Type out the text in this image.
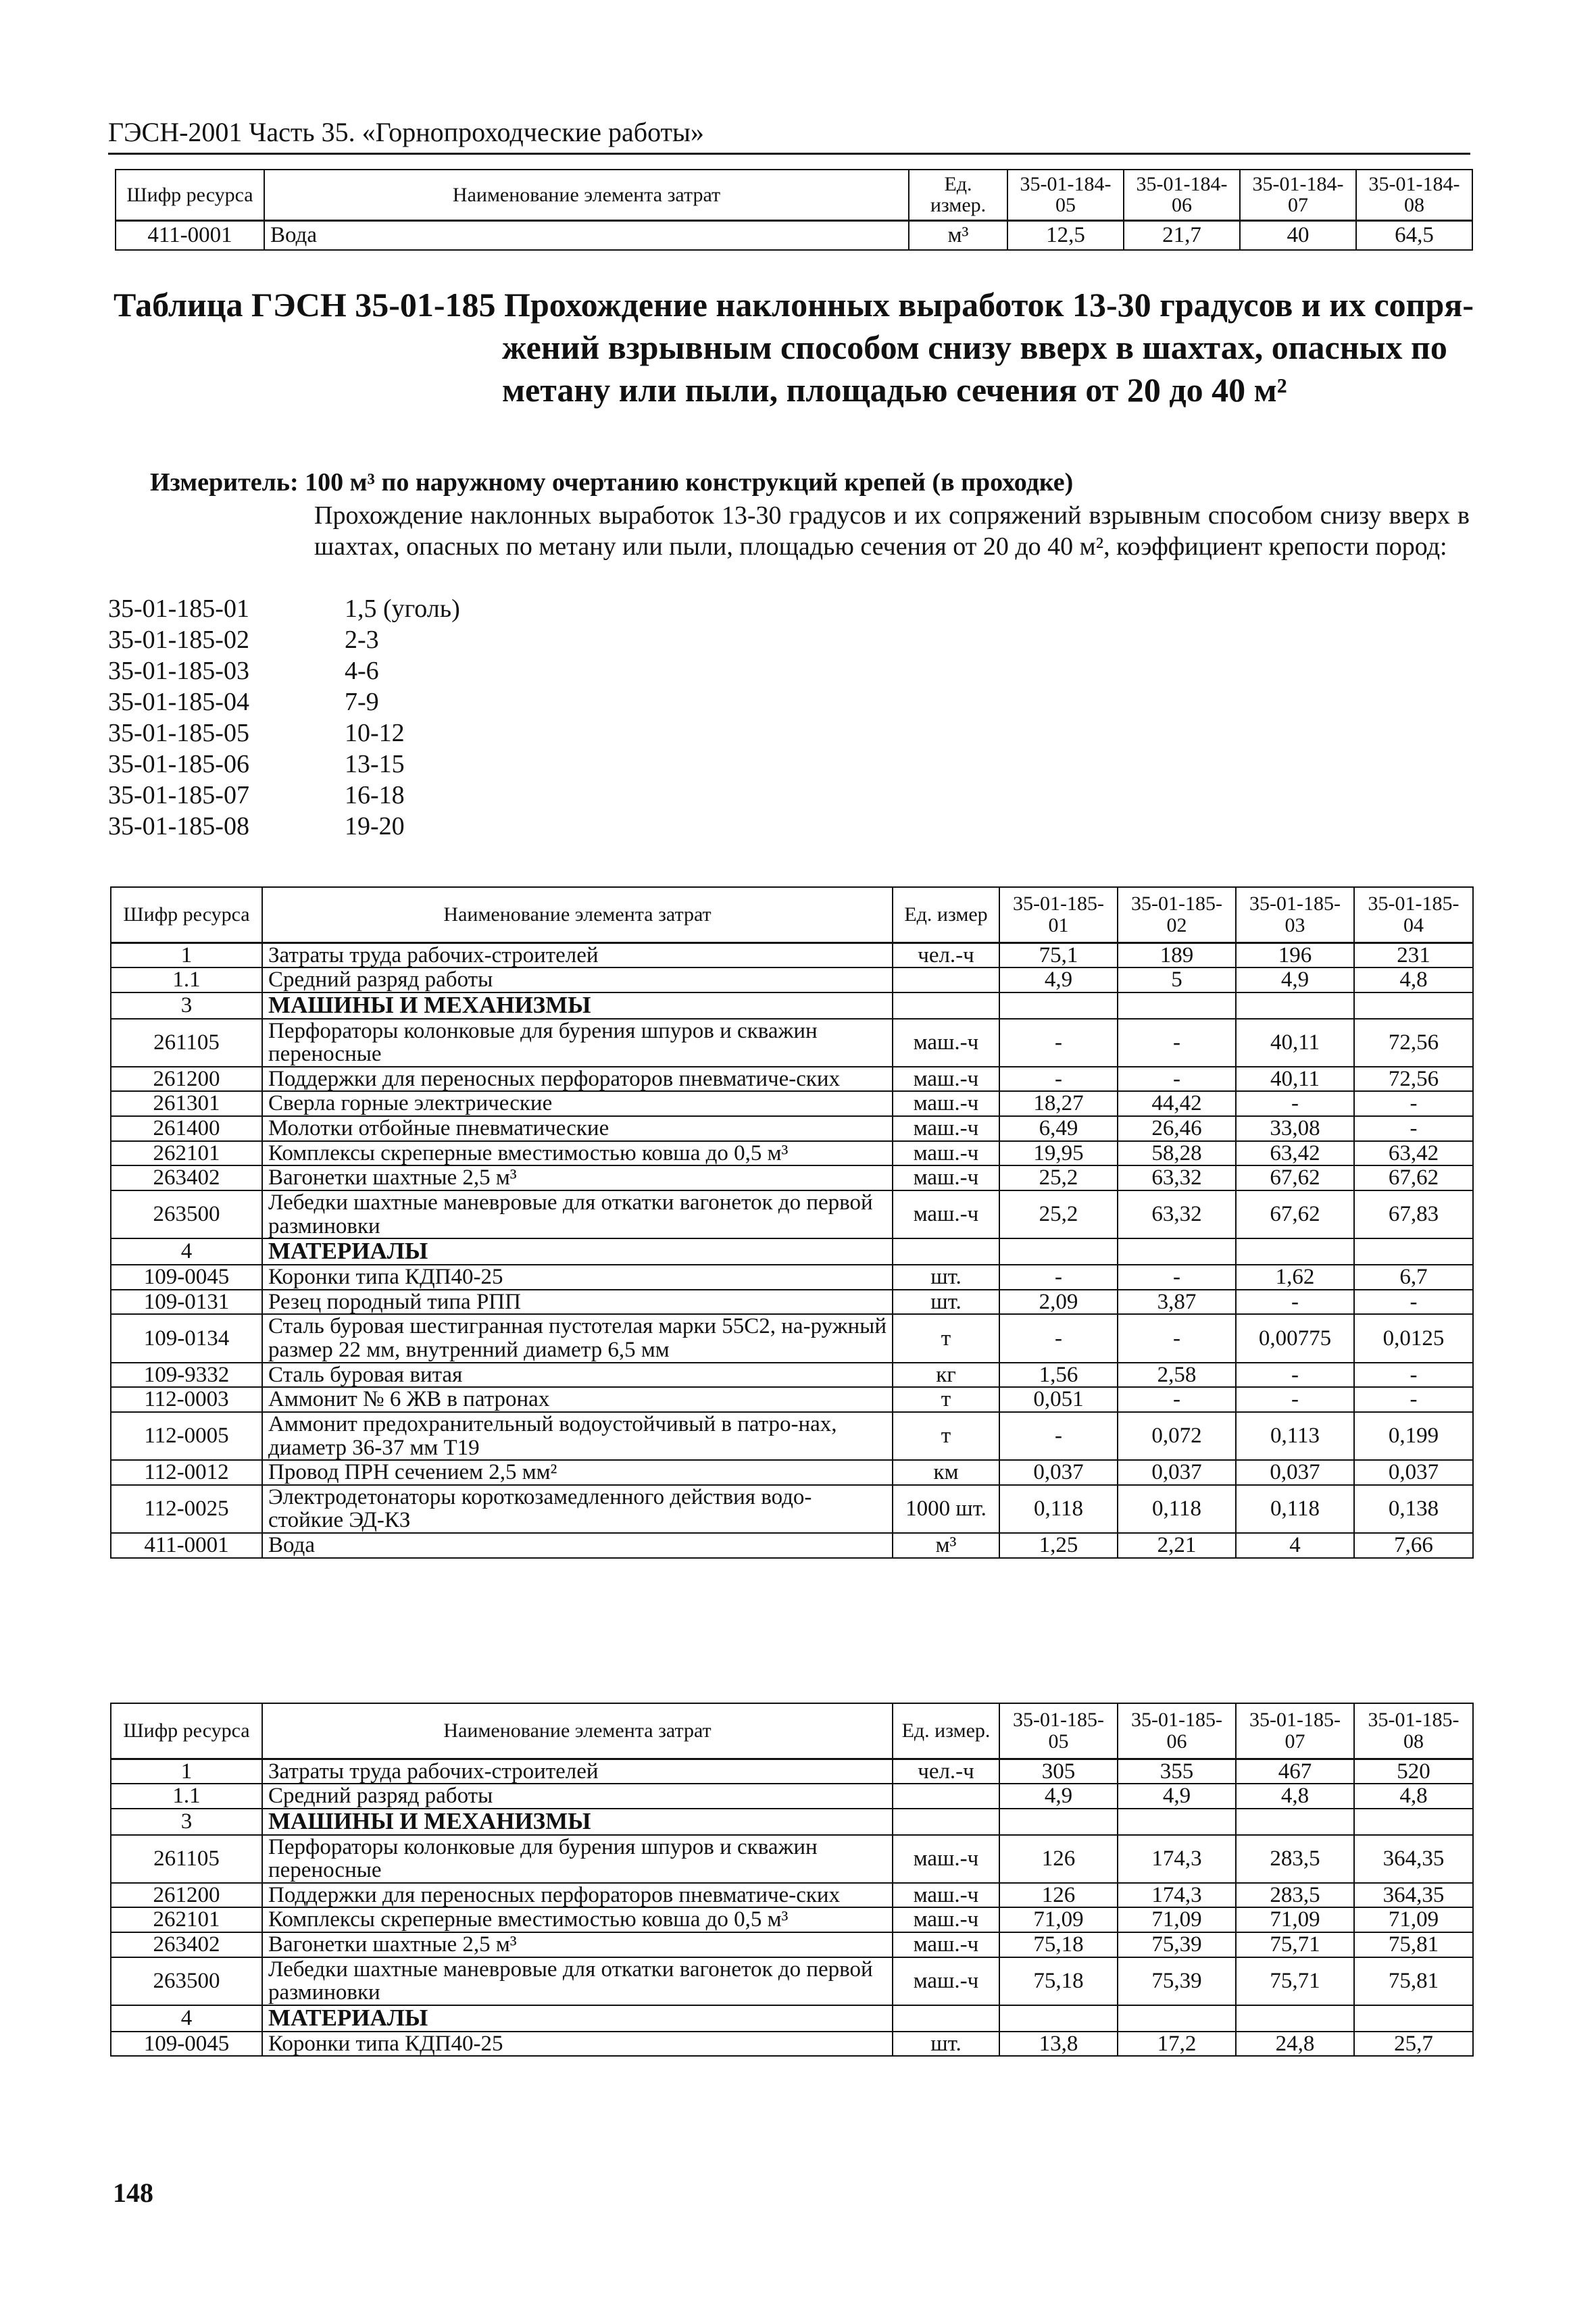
ГЭСН-2001 Часть 35. «Горнопроходческие работы»
Шифр ресурса	Наименование элемента затрат	Ед. измер.	35-01-184-05	35-01-184-06	35-01-184-07	35-01-184-08
411-0001	Вода	м³	12,5	21,7	40	64,5
Таблица ГЭСН 35-01-185 Прохождение наклонных выработок 13-30 градусов и их сопря-
жений взрывным способом снизу вверх в шахтах, опасных по
метану или пыли, площадью сечения от 20 до 40 м²
Измеритель: 100 м³ по наружному очертанию конструкций крепей (в проходке)
Прохождение наклонных выработок 13-30 градусов и их сопряжений взрывным способом снизу вверх в шахтах, опасных по метану или пыли, площадью сечения от 20 до 40 м², коэффициент крепости пород:
35-01-185-01	1,5 (уголь)
35-01-185-02	2-3
35-01-185-03	4-6
35-01-185-04	7-9
35-01-185-05	10-12
35-01-185-06	13-15
35-01-185-07	16-18
35-01-185-08	19-20
Шифр ресурса	Наименование элемента затрат	Ед. измер	35-01-185-01	35-01-185-02	35-01-185-03	35-01-185-04
1	Затраты труда рабочих-строителей	чел.-ч	75,1	189	196	231
1.1	Средний разряд работы		4,9	5	4,9	4,8
3	МАШИНЫ И МЕХАНИЗМЫ					
261105	Перфораторы колонковые для бурения шпуров и скважин переносные	маш.-ч	-	-	40,11	72,56
261200	Поддержки для переносных перфораторов пневматиче-ских	маш.-ч	-	-	40,11	72,56
261301	Сверла горные электрические	маш.-ч	18,27	44,42	-	-
261400	Молотки отбойные пневматические	маш.-ч	6,49	26,46	33,08	-
262101	Комплексы скреперные вместимостью ковша до 0,5 м³	маш.-ч	19,95	58,28	63,42	63,42
263402	Вагонетки шахтные 2,5 м³	маш.-ч	25,2	63,32	67,62	67,62
263500	Лебедки шахтные маневровые для откатки вагонеток до первой разминовки	маш.-ч	25,2	63,32	67,62	67,83
4	МАТЕРИАЛЫ					
109-0045	Коронки типа КДП40-25	шт.	-	-	1,62	6,7
109-0131	Резец породный типа РПП	шт.	2,09	3,87	-	-
109-0134	Сталь буровая шестигранная пустотелая марки 55С2, на-ружный размер 22 мм, внутренний диаметр 6,5 мм	т	-	-	0,00775	0,0125
109-9332	Сталь буровая витая	кг	1,56	2,58	-	-
112-0003	Аммонит № 6 ЖВ в патронах	т	0,051	-	-	-
112-0005	Аммонит предохранительный водоустойчивый в патро-нах, диаметр 36-37 мм Т19	т	-	0,072	0,113	0,199
112-0012	Провод ПРН сечением 2,5 мм²	км	0,037	0,037	0,037	0,037
112-0025	Электродетонаторы короткозамедленного действия водо-стойкие ЭД-КЗ	1000 шт.	0,118	0,118	0,118	0,138
411-0001	Вода	м³	1,25	2,21	4	7,66
Шифр ресурса	Наименование элемента затрат	Ед. измер.	35-01-185-05	35-01-185-06	35-01-185-07	35-01-185-08
1	Затраты труда рабочих-строителей	чел.-ч	305	355	467	520
1.1	Средний разряд работы		4,9	4,9	4,8	4,8
3	МАШИНЫ И МЕХАНИЗМЫ					
261105	Перфораторы колонковые для бурения шпуров и скважин переносные	маш.-ч	126	174,3	283,5	364,35
261200	Поддержки для переносных перфораторов пневматиче-ских	маш.-ч	126	174,3	283,5	364,35
262101	Комплексы скреперные вместимостью ковша до 0,5 м³	маш.-ч	71,09	71,09	71,09	71,09
263402	Вагонетки шахтные 2,5 м³	маш.-ч	75,18	75,39	75,71	75,81
263500	Лебедки шахтные маневровые для откатки вагонеток до первой разминовки	маш.-ч	75,18	75,39	75,71	75,81
4	МАТЕРИАЛЫ					
109-0045	Коронки типа КДП40-25	шт.	13,8	17,2	24,8	25,7
148
